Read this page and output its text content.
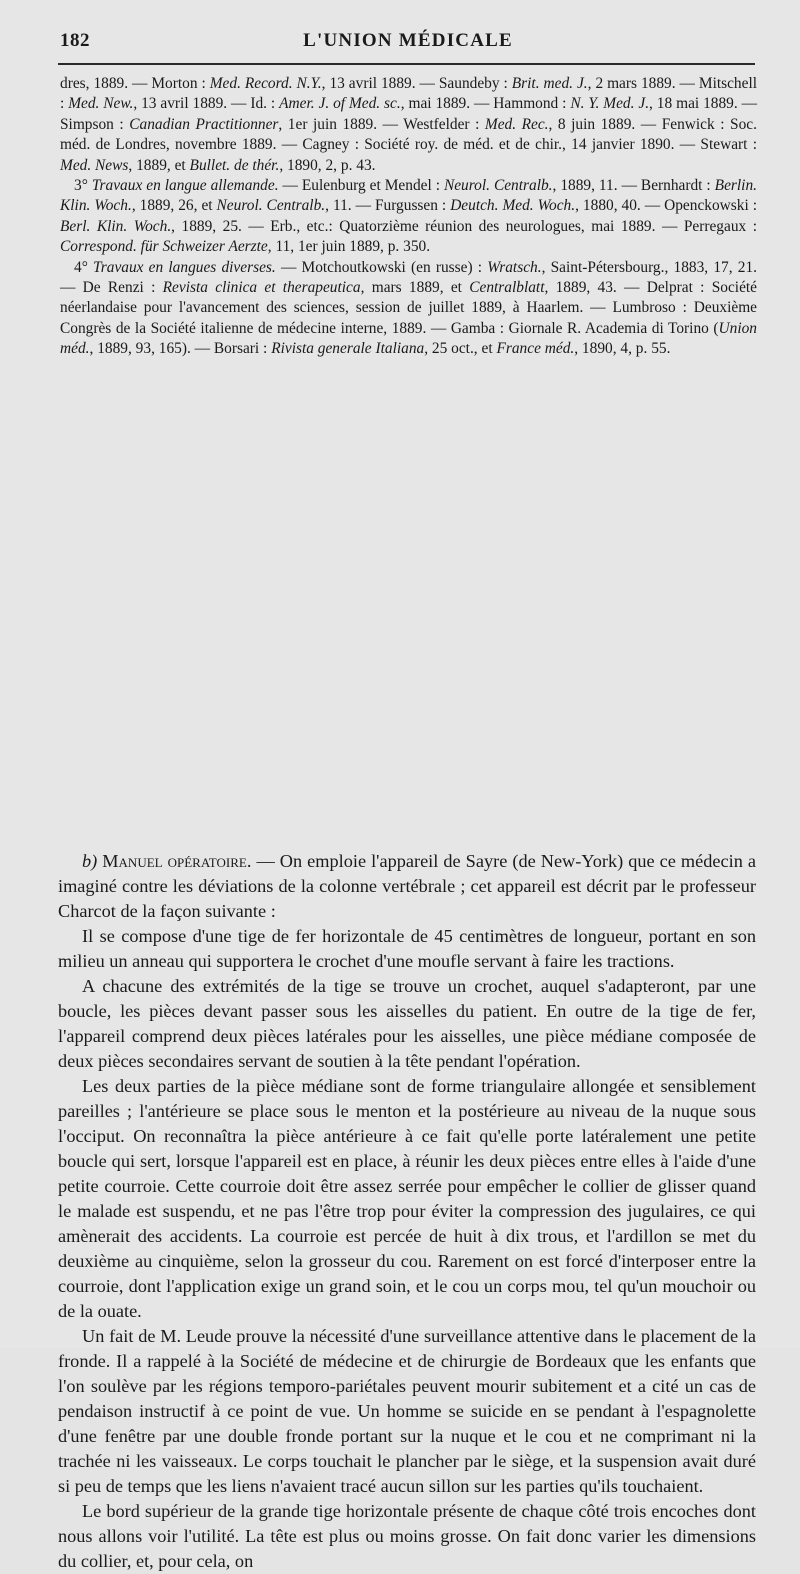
182	L'UNION MÉDICALE

dres, 1889. — Morton : Med. Record. N.Y., 13 avril 1889. — Saundeby : Brit. med. J., 2 mars 1889. — Mitschell : Med. New., 13 avril 1889. — Id. : Amer. J. of Med. sc., mai 1889. — Hammond : N. Y. Med. J., 18 mai 1889. — Simpson : Canadian Practitionner, 1er juin 1889. — Westfelder : Med. Rec., 8 juin 1889. — Fenwick : Soc. méd. de Londres, novembre 1889. — Cagney : Société roy. de méd. et de chir., 14 janvier 1890. — Stewart : Med. News, 1889, et Bullet. de thér., 1890, 2, p. 43.

3° Travaux en langue allemande. — Eulenburg et Mendel : Neurol. Centralb., 1889, 11. — Bernhardt : Berlin. Klin. Woch., 1889, 26, et Neurol. Centralb., 11. — Furgussen : Deutch. Med. Woch., 1880, 40. — Openckowski : Berl. Klin. Woch., 1889, 25. — Erb., etc.: Quatorzième réunion des neurologues, mai 1889. — Perregaux : Correspond. für Schweizer Aerzte, 11, 1er juin 1889, p. 350.

4° Travaux en langues diverses. — Motchoutkowski (en russe) : Wratsch., Saint-Pétersbourg., 1883, 17, 21. — De Renzi : Revista clinica et therapeutica, mars 1889, et Centralblatt, 1889, 43. — Delprat : Société néerlandaise pour l'avancement des sciences, session de juillet 1889, à Haarlem. — Lumbroso : Deuxième Congrès de la Société italienne de médecine interne, 1889. — Gamba : Giornale R. Academia di Torino (Union méd., 1889, 93, 165). — Borsari : Rivista generale Italiana, 25 oct., et France méd., 1890, 4, p. 55.

b) Manuel opératoire. — On emploie l'appareil de Sayre (de New-York) que ce médecin a imaginé contre les déviations de la colonne vertébrale ; cet appareil est décrit par le professeur Charcot de la façon suivante :

Il se compose d'une tige de fer horizontale de 45 centimètres de longueur, portant en son milieu un anneau qui supportera le crochet d'une moufle servant à faire les tractions.

A chacune des extrémités de la tige se trouve un crochet, auquel s'adapteront, par une boucle, les pièces devant passer sous les aisselles du patient. En outre de la tige de fer, l'appareil comprend deux pièces latérales pour les aisselles, une pièce médiane composée de deux pièces secondaires servant de soutien à la tête pendant l'opération.

Les deux parties de la pièce médiane sont de forme triangulaire allongée et sensiblement pareilles ; l'antérieure se place sous le menton et la postérieure au niveau de la nuque sous l'occiput. On reconnaîtra la pièce antérieure à ce fait qu'elle porte latéralement une petite boucle qui sert, lorsque l'appareil est en place, à réunir les deux pièces entre elles à l'aide d'une petite courroie. Cette courroie doit être assez serrée pour empêcher le collier de glisser quand le malade est suspendu, et ne pas l'être trop pour éviter la compression des jugulaires, ce qui amènerait des accidents. La courroie est percée de huit à dix trous, et l'ardillon se met du deuxième au cinquième, selon la grosseur du cou. Rarement on est forcé d'interposer entre la courroie, dont l'application exige un grand soin, et le cou un corps mou, tel qu'un mouchoir ou de la ouate.

Un fait de M. Leude prouve la nécessité d'une surveillance attentive dans le placement de la fronde. Il a rappelé à la Société de médecine et de chirurgie de Bordeaux que les enfants que l'on soulève par les régions temporo-pariétales peuvent mourir subitement et a cité un cas de pendaison instructif à ce point de vue. Un homme se suicide en se pendant à l'espagnolette d'une fenêtre par une double fronde portant sur la nuque et le cou et ne comprimant ni la trachée ni les vaisseaux. Le corps touchait le plancher par le siège, et la suspension avait duré si peu de temps que les liens n'avaient tracé aucun sillon sur les parties qu'ils touchaient.

Le bord supérieur de la grande tige horizontale présente de chaque côté trois encoches dont nous allons voir l'utilité. La tête est plus ou moins grosse. On fait donc varier les dimensions du collier, et, pour cela, on
